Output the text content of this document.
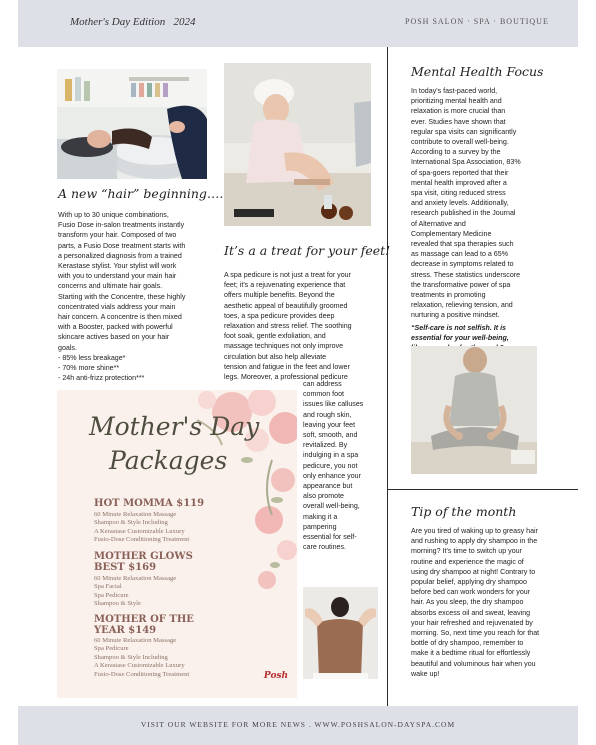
Mother's Day Edition   2024	POSH SALON · SPA · BOUTIQUE
A new “hair” beginning….

With up to 30 unique combinations,

Fusio Dose in-salon treatments instantly

transform your hair. Composed of two

parts, a Fusio Dose treatment starts with

a personalized diagnosis from a trained

Kerastase stylist. Your stylist will work

with you to understand your main hair

concerns and ultimate hair goals.

Starting with the Concentre, these highly

concentrated vials address your main

hair concern. A concentre is then mixed

with a Booster, packed with powerful

skincare actives based on your hair

goals.

- 85% less breakage*

- 70% more shine**

- 24h anti-frizz protection***

It’s a a treat for your feet!

A spa pedicure is not just a treat for your

feet; it's a rejuvenating experience that

offers multiple benefits. Beyond the

aesthetic appeal of beautifully groomed

toes, a spa pedicure provides deep

relaxation and stress relief. The soothing

foot soak, gentle exfoliation, and

massage techniques not only improve

circulation but also help alleviate

tension and fatigue in the feet and lower

legs. Moreover, a professional pedicure

can address

common foot

issues like calluses

and rough skin,

leaving your feet

soft, smooth, and

revitalized. By

indulging in a spa

pedicure, you not

only enhance your

appearance but

also promote

overall well-being,

making it a

pampering

essential for self-

care routines.

Mother's Day
Packages
HOT MOMMA $119
60 Minute Relaxation Massage
Shampoo & Style Including
A Kerastase Customizable Luxury
Fusio-Dose Conditioning Treatment
MOTHER GLOWS
BEST $169
60 Minute Relaxation Massage
Spa Facial
Spa Pedicure
Shampoo & Style
MOTHER OF THE
YEAR $149
60 Minute Relaxation Massage
Spa Pedicure
Shampoo & Style Including
A Kerastase Customizable Luxury
Fusio-Dose Conditioning Treatment	Posh
Mental Health Focus

In today's fast-paced world,

prioritizing mental health and

relaxation is more crucial than

ever. Studies have shown that

regular spa visits can significantly

contribute to overall well-being.

According to a survey by the

International Spa Association, 83%

of spa-goers reported that their

mental health improved after a

spa visit, citing reduced stress

and anxiety levels. Additionally,

research published in the Journal

of Alternative and

Complementary Medicine

revealed that spa therapies such

as massage can lead to a 65%

decrease in symptoms related to

stress. These statistics underscore

the transformative power of spa

treatments in promoting

relaxation, relieving tension, and

nurturing a positive mindset.

“Self-care is not selfish. It is

essential for your well-being,

Tip of the month

Are you tired of waking up to greasy hair

and rushing to apply dry shampoo in the

morning? It's time to switch up your

routine and experience the magic of

using dry shampoo at night! Contrary to

popular belief, applying dry shampoo

before bed can work wonders for your

hair. As you sleep, the dry shampoo

absorbs excess oil and sweat, leaving

your hair refreshed and rejuvenated by

morning. So, next time you reach for that

bottle of dry shampoo, remember to

make it a bedtime ritual for effortlessly

beautiful and voluminous hair when you

wake up!

VISIT OUR WEBSITE FOR MORE NEWS . WWW.POSHSALON-DAYSPA.COM
